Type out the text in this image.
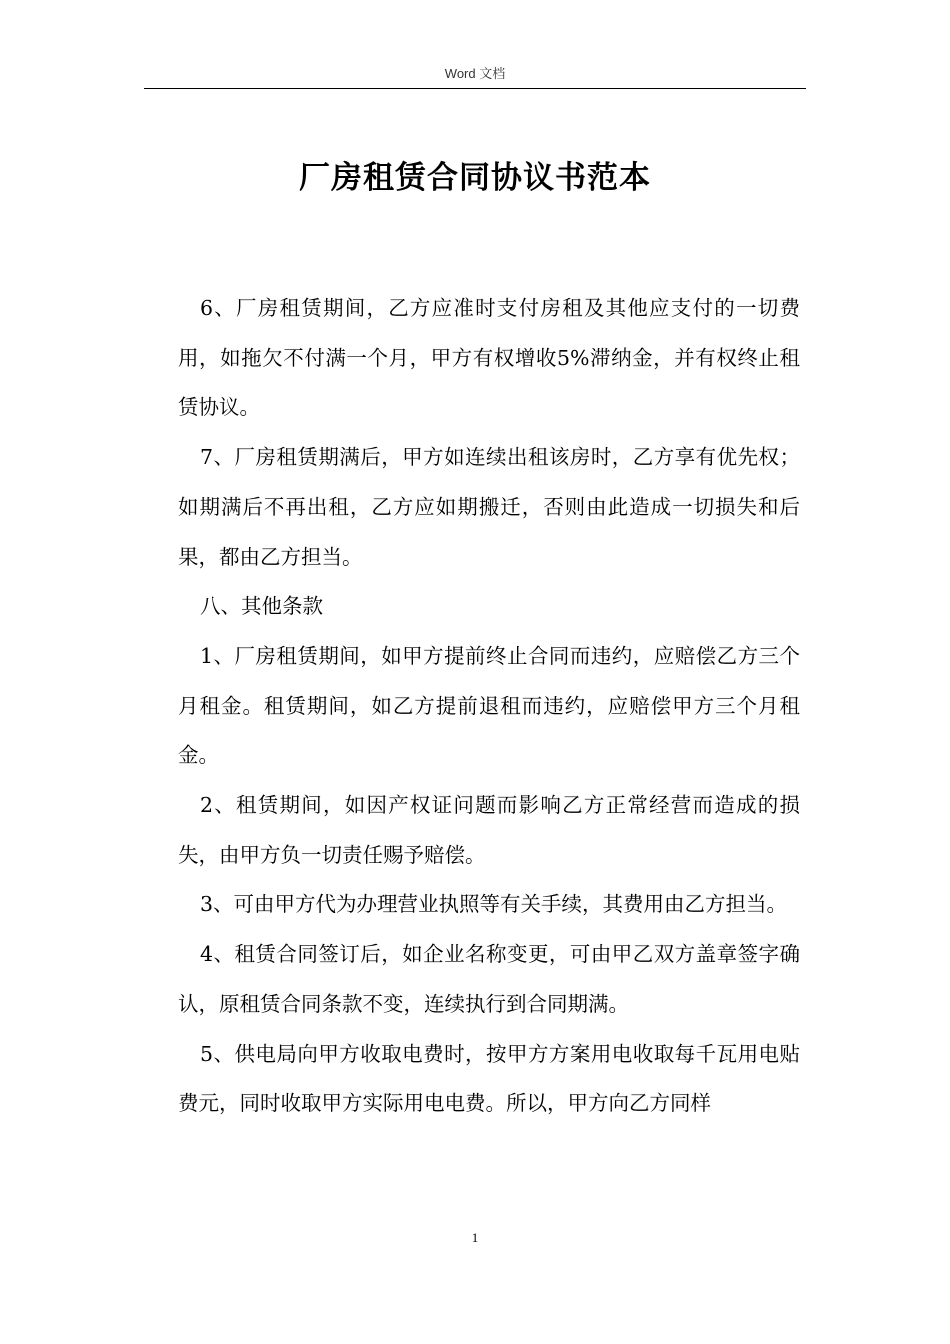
Word 文档
厂房租赁合同协议书范本

6、厂房租赁期间，乙方应准时支付房租及其他应支付的一切费用，如拖欠不付满一个月，甲方有权增收5%滞纳金，并有权终止租赁协议。

7、厂房租赁期满后，甲方如连续出租该房时，乙方享有优先权；如期满后不再出租，乙方应如期搬迁，否则由此造成一切损失和后果，都由乙方担当。

八、其他条款

1、厂房租赁期间，如甲方提前终止合同而违约，应赔偿乙方三个月租金。租赁期间，如乙方提前退租而违约，应赔偿甲方三个月租金。

2、租赁期间，如因产权证问题而影响乙方正常经营而造成的损失，由甲方负一切责任赐予赔偿。

3、可由甲方代为办理营业执照等有关手续，其费用由乙方担当。

4、租赁合同签订后，如企业名称变更，可由甲乙双方盖章签字确认，原租赁合同条款不变，连续执行到合同期满。

5、供电局向甲方收取电费时，按甲方方案用电收取每千瓦用电贴费元，同时收取甲方实际用电电费。所以，甲方向乙方同样

1
